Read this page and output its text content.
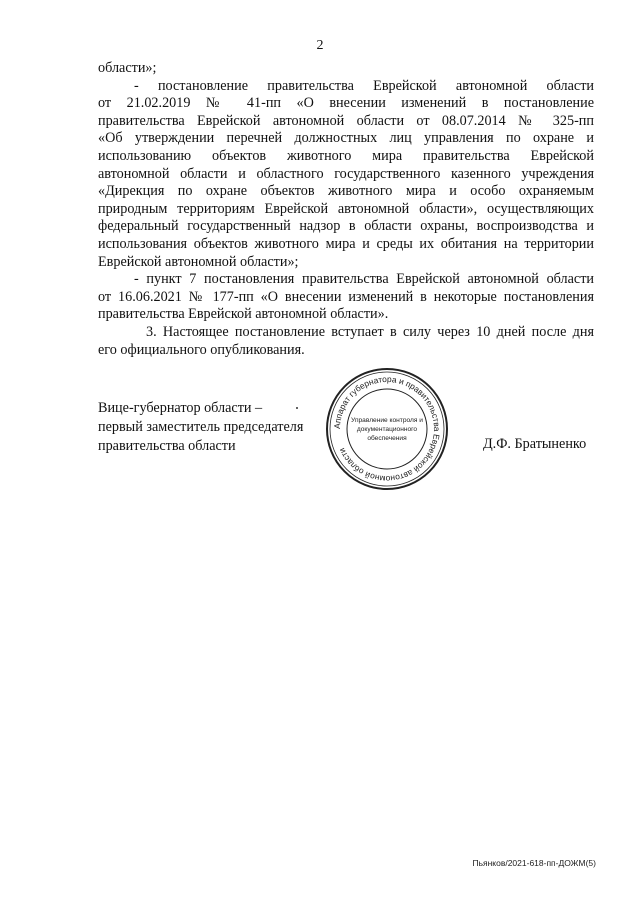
2
области»;
- постановление правительства Еврейской автономной области
от 21.02.2019 № 41-пп «О внесении изменений в постановление
правительства Еврейской автономной области от 08.07.2014 № 325-пп
«Об утверждении перечней должностных лиц управления по охране и
использованию объектов животного мира правительства Еврейской
автономной области и областного государственного казенного учреждения
«Дирекция по охране объектов животного мира и особо охраняемым
природным территориям Еврейской автономной области», осуществляющих
федеральный государственный надзор в области охраны, воспроизводства и
использования объектов животного мира и среды их обитания на территории
Еврейской автономной области»;
- пункт 7 постановления правительства Еврейской автономной области
от 16.06.2021 № 177-пп «О внесении изменений в некоторые постановления
правительства Еврейской автономной области».
3. Настоящее постановление вступает в силу через 10 дней после дня
его официального опубликования.
Вице-губернатор области –
первый заместитель председателя
правительства области
Аппарат губернатора и правительства Еврейской автономной области
Управление контроля и
документационного
обеспечения	Д.Ф. Братыненко
Пьянков/2021-618-пп-ДОЖМ(5)
